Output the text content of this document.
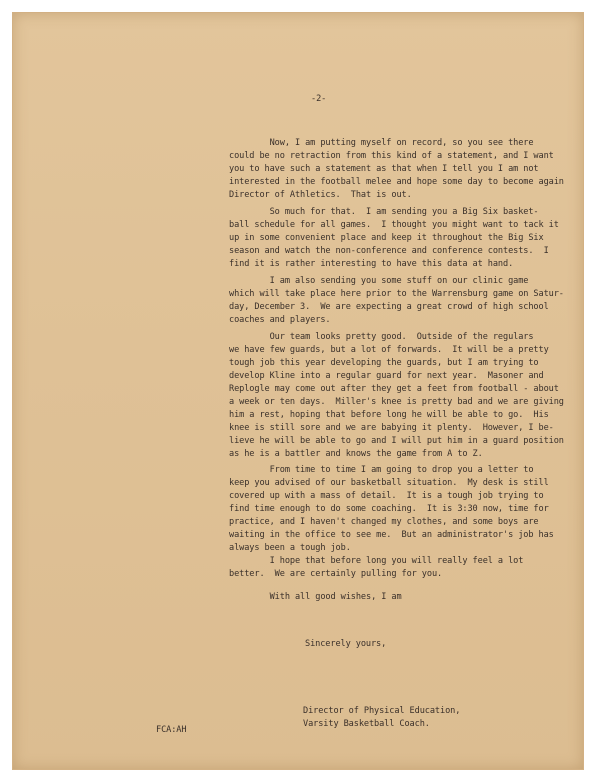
-2-
Now, I am putting myself on record, so you see there
could be no retraction from this kind of a statement, and I want
you to have such a statement as that when I tell you I am not
interested in the football melee and hope some day to become again
Director of Athletics.  That is out.
So much for that.  I am sending you a Big Six basket-
ball schedule for all games.  I thought you might want to tack it
up in some convenient place and keep it throughout the Big Six
season and watch the non-conference and conference contests.  I
find it is rather interesting to have this data at hand.
I am also sending you some stuff on our clinic game
which will take place here prior to the Warrensburg game on Satur-
day, December 3.  We are expecting a great crowd of high school
coaches and players.
Our team looks pretty good.  Outside of the regulars
we have few guards, but a lot of forwards.  It will be a pretty
tough job this year developing the guards, but I am trying to
develop Kline into a regular guard for next year.  Masoner and
Replogle may come out after they get a feet from football - about
a week or ten days.  Miller's knee is pretty bad and we are giving
him a rest, hoping that before long he will be able to go.  His
knee is still sore and we are babying it plenty.  However, I be-
lieve he will be able to go and I will put him in a guard position
as he is a battler and knows the game from A to Z.
From time to time I am going to drop you a letter to
keep you advised of our basketball situation.  My desk is still
covered up with a mass of detail.  It is a tough job trying to
find time enough to do some coaching.  It is 3:30 now, time for
practice, and I haven't changed my clothes, and some boys are
waiting in the office to see me.  But an administrator's job has
always been a tough job.
I hope that before long you will really feel a lot
better.  We are certainly pulling for you.
With all good wishes, I am
Sincerely yours,
Director of Physical Education,
Varsity Basketball Coach.
FCA:AH
